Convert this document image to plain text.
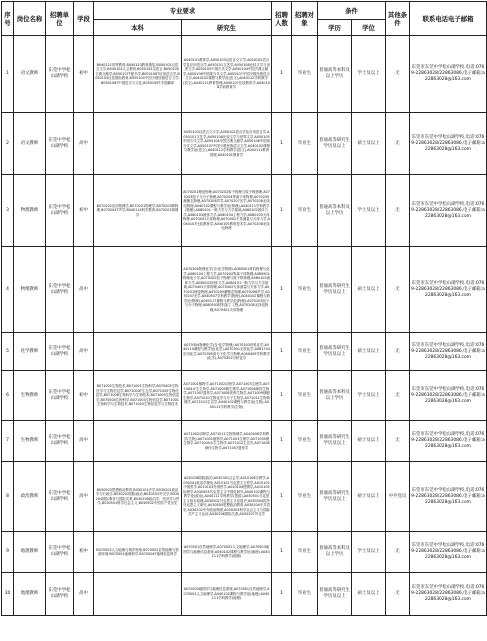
序号	岗位名称	招聘单位	学段	专业要求		招聘人数	招聘对象	条件		其他条件	联系电话电子邮箱
				本科	研究生			学历	学位		
1	语文教师	东莞中学松山湖学校	初中	B040121初等教育,B040123教育康复,B050101汉语言文学,B040103人文教育,B050102汉语言,B050105古典文献学,B050107T秘书学,B050106T应用语言学,B050103汉语国际教育,B050104中国少数民族语言文学,B050108T中国语言与文化,B050109T手语翻译	A040101教育学,A050103汉语言文字学,A050102语言学及应用语言学,A050101文艺学,A050108比较文学与世界文学,A050105中国古代文学,A050104中国古典文献学,A050106中国现当代文学,A050107中国少数民族语言文学,A040102课程与教学论(语文),A040112学科教学(语文),A040111教育管理,A040107比较教育学,A040108学前教育学	1	毕业生	普通高等本科及以上学历	学士及以上	无	东莞市东莞中学松山湖学校,电话:0769-22863028/22863086,电子邮箱:a22863028@163.com
2	语文教师	东莞中学松山湖学校	高中		A050103汉语言文字学,A050102语言学及应用语言学,A050101文艺学,A050108比较文学与世界文学,A050105中国古代文学,A050104中国古典文献学,A050106中国现当代文学,A050107中国少数民族语言文学,A040102课程与教学论(语文),A040112学科教学(语文),A040111教育管理,A040101教育学	1	毕业生	普通高等研究生学历及以上	硕士及以上	无	东莞市东莞中学松山湖学校,电话:0769-22863028/22863086,电子邮箱:a22863028@163.com
3	物理教师	东莞中学松山湖学校	初中	B070202应用物理学,B070201物理学,B070203核物理,B070204T声学,B040114科学教育,B070201物理学	A070201理论物理,A070202粒子物理与原子核物理,A070203原子与分子物理,A070204等离子体物理,A070205凝聚态物理,A070206声学,A070207光学,A070208无线电物理,A040102课程与教学论(物理),A040111学科教学(物理),A080101一般力学与力学基础,A080102固体力学,A080103流体力学,A080104工程力学,A080105天体物理,A070401天体物理,A070402天体测量与天体力学,A040107比较教育学,A040105教育技术学,A070208无线电物理	1	毕业生	普通高等本科及以上学历	学士及以上	无	东莞市东莞中学松山湖学校,电话:0769-22863028/22863086,电子邮箱:a22863028@163.com
4	物理教师	东莞中学松山湖学校	高中		A070304物理化学(含:化学物理),A080501材料物理与化学,A080104工程力学,A070204等离子体物理,A080901物理电子学,A070202粒子物理与原子核物理,A080103流体力学,A080102固体力学,A080101一般力学与力学基础,A070401天体物理,A070402天体测量与天体力学,A070201理论物理,A070205凝聚态物理,A070206声学,A070207光学,A040507学科教学(物理),A040102课程与教学论(物理),A040117课程与教学论(物理),A070203原子与分子物理,A080503材料加工工程,A070208无线电物理,A070401天体物理	1	毕业生	普通高等研究生学历及以上	硕士及以上	无	东莞市东莞中学松山湖学校,电话:0769-22863028/22863086,电子邮箱:a22863028@163.com
5	化学教师	东莞中学松山湖学校	高中		A070304物理化学(含:化学物理),A070303有机化学,A040110课程与教学论(化学),A070301无机化学,A081704应用化学,A070305高分子化学与物理,A040409学科教学(化学),A070302分析化学	1	毕业生	普通高等研究生学历及以上	硕士及以上	无	东莞市东莞中学松山湖学校,电话:0769-22863028/22863086,电子邮箱:a22863028@163.com
6	生物教师	东莞中学松山湖学校	初中	B071002生物技术,B071001生物科学,B070405生物医学与生物信息学,B071004T生态学,B071005生物信息学,B071006生物科学与生物技术,B071003生物信息学,B070504生物科学,B071003生物信息学,B071001生物科学与生物技术,B071003生物信息学与生物技术	A071001植物学,A071002动物学,A071003生理学,A071004水生生物学,A071005微生物学,A071006神经生物学,A071007遗传学,A071008发育生物学,A071009细胞生物学,A071010生物化学与分子生物学,A071011生物物理学,A071012生态学,A040102课程与教学论(生物),A040111学科教学(生物)	1	毕业生	普通高等本科及以上学历	学士及以上	无	东莞市东莞中学松山湖学校,电话:0769-22863028/22863086,电子邮箱:a22863028@163.com
7	生物教师	东莞中学松山湖学校	高中		A071002动物学,A071011生物物理学,A040408学科教学(生物),A071001植物学,A071003生理学,A071005微生物学,A071004水生生物学,A071012生态学,A071006神经生物学,A071007遗传学	1	毕业生	普通高等研究生学历及以上	硕士及以上	无	东莞市东莞中学松山湖学校,电话:0769-22863028/22863086,电子邮箱:a22863028@163.com
8	政治教师	东莞中学松山湖学校	高中	B030503思想政治教育,B030101法学,B030201政治学与行政学,B030202国际政治,B030203外交学,B030204国际事务与国际关系,B030205政治学、经济学与哲学,B030501科学社会主义,B030502中国共产党历史	A030208国际政治,A030301社会学,A010106宗教学,A030201政治学理论,A010101马克思主义哲学,A010102中国哲学,A010103外国哲学,A010104逻辑学,A010105伦理学,A030503马克思主义中国化研究,A040102课程与教学论(政治),A040111学科教学(思政),A030501马克思主义基本原理,A030502马克思主义发展史,A030504国外马克思主义研究,A030505思想政治教育,A030204中共党史,A030202中外政治制度,A030203科学社会主义与国际共产主义运动,A030206国际关系,A030207外交学	1	毕业生	普通高等研究生学历及以上	硕士及以上	中共党员	东莞市东莞中学松山湖学校,电话:0769-22863028/22863086,电子邮箱:a22863028@163.com
9	地理教师	东莞中学松山湖学校	初中	B070503人文地理与城乡规划,B070502自然地理与资源环境,B070501地理科学,B070504T地理信息科学	A070501自然地理学,A070502人文地理学,A070503地图学与地理信息系统,A040102课程与教学论(地理),A040111学科教学(地理)	1	毕业生	普通高等本科及以上学历	学士及以上	无	东莞市东莞中学松山湖学校,电话:0769-22863028/22863086,电子邮箱:a22863028@163.com
10	地理教师	东莞中学松山湖学校	高中		A070503地图学与地理信息系统,A070501自然地理学,A070502人文地理学,A040102课程与教学论(地理),A040111学科教学(地理)	1	毕业生	普通高等研究生学历及以上	硕士及以上	无	东莞市东莞中学松山湖学校,电话:0769-22863028/22863086,电子邮箱:a22863028@163.com
